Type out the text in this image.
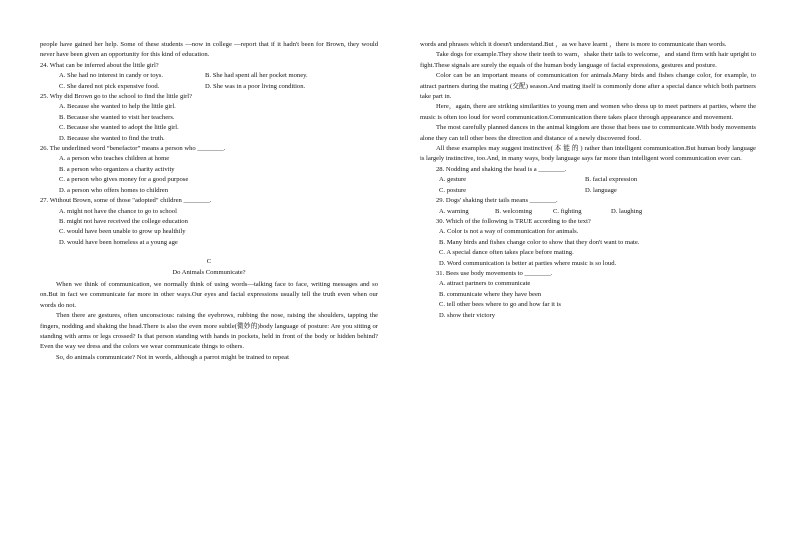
people have gained her help. Some of these students —now in college —report that if it hadn't been for Brown, they would never have been given an opportunity for this kind of education.

24. What can be inferred about the little girl?

A. She had no interest in candy or toys.	B. She had spent all her pocket money.
C. She dared not pick expensive food.	D. She was in a poor living condition.

25. Why did Brown go to the school to find the little girl?

A. Because she wanted to help the little girl.

B. Because she wanted to visit her teachers.

C. Because she wanted to adopt the little girl.

D. Because she wanted to find the truth.

26. The underlined word “benefactor” means a person who ________.

A. a person who teaches children at home

B. a person who organizes a charity activity

C. a person who gives money for a good purpose

D. a person who offers homes to children

27. Without Brown, some of those "adopted" children ________.

A. might not have the chance to go to school

B. might not have received the college education

C. would have been unable to grow up healthily

D. would have been homeless at a young age

C

Do Animals Communicate?

When we think of communication, we normally think of using words—talking face to face, writing messages and so on.But in fact we communicate far more in other ways.Our eyes and facial expressions usually tell the truth even when our words do not.

Then there are gestures, often unconscious: raising the eyebrows, rubbing the nose, raising the shoulders, tapping the fingers, nodding and shaking the head.There is also the even more subtle(微妙的)body language of posture: Are you sitting or standing with arms or legs crossed? Is that person standing with hands in pockets, held in front of the body or hidden behind? Even the way we dress and the colors we wear communicate things to others.

So, do animals communicate? Not in words, although a parrot might be trained to repeat

words and phrases which it doesn't understand.But ，as we have learnt ，there is more to communicate than words.

Take dogs for example.They show their teeth to warn，shake their tails to welcome，and stand firm with hair upright to fight.These signals are surely the equals of the human body language of facial expressions, gestures and posture.

Color can be an important means of communication for animals.Many birds and fishes change color, for example, to attract partners during the mating (交配) season.And mating itself is commonly done after a special dance which both partners take part in.

Here，again, there are striking similarities to young men and women who dress up to meet partners at parties, where the music is often too loud for word communication.Communication there takes place through appearance and movement.

The most carefully planned dances in the animal kingdom are those that bees use to communicate.With body movements alone they can tell other bees the direction and distance of a newly discovered food.

All these examples may suggest instinctive( 本 能 的 ) rather than intelligent communication.But human body language is largely instinctive, too.And, in many ways, body language says far more than intelligent word communication ever can.

28. Nodding and shaking the head is a ________.

A. gesture	B. facial expression
C. posture	D. language

29. Dogs' shaking their tails means ________.

A. warning	B. welcoming	C. fighting	D. laughing

30. Which of the following is TRUE according to the text?

A. Color is not a way of communication for animals.

B. Many birds and fishes change color to show that they don't want to mate.

C. A special dance often takes place before mating.

D. Word communication is better at parties where music is so loud.

31. Bees use body movements to ________.

A. attract partners to communicate

B. communicate where they have been

C. tell other bees where to go and how far it is

D. show their victory
